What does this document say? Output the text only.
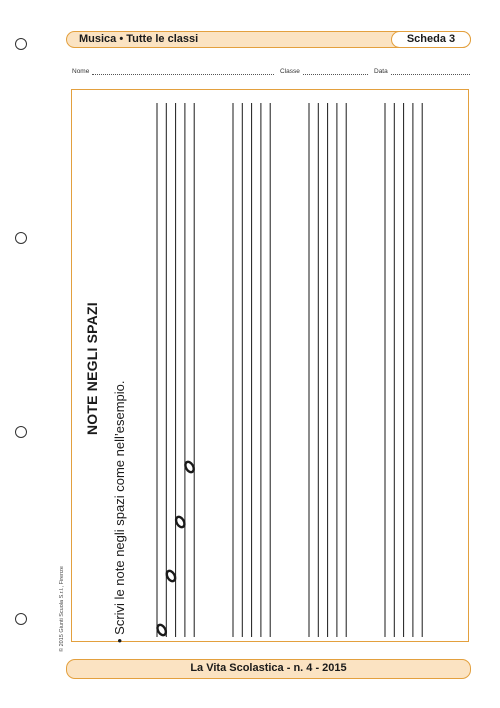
Musica • Tutte le classi	Scheda 3
Nome	Classe	Data
NOTE NEGLI SPAZI
• Scrivi le note negli spazi come nell’esempio.
© 2015 Giunti Scuola S.r.l., Firenze
La Vita Scolastica - n. 4 - 2015
